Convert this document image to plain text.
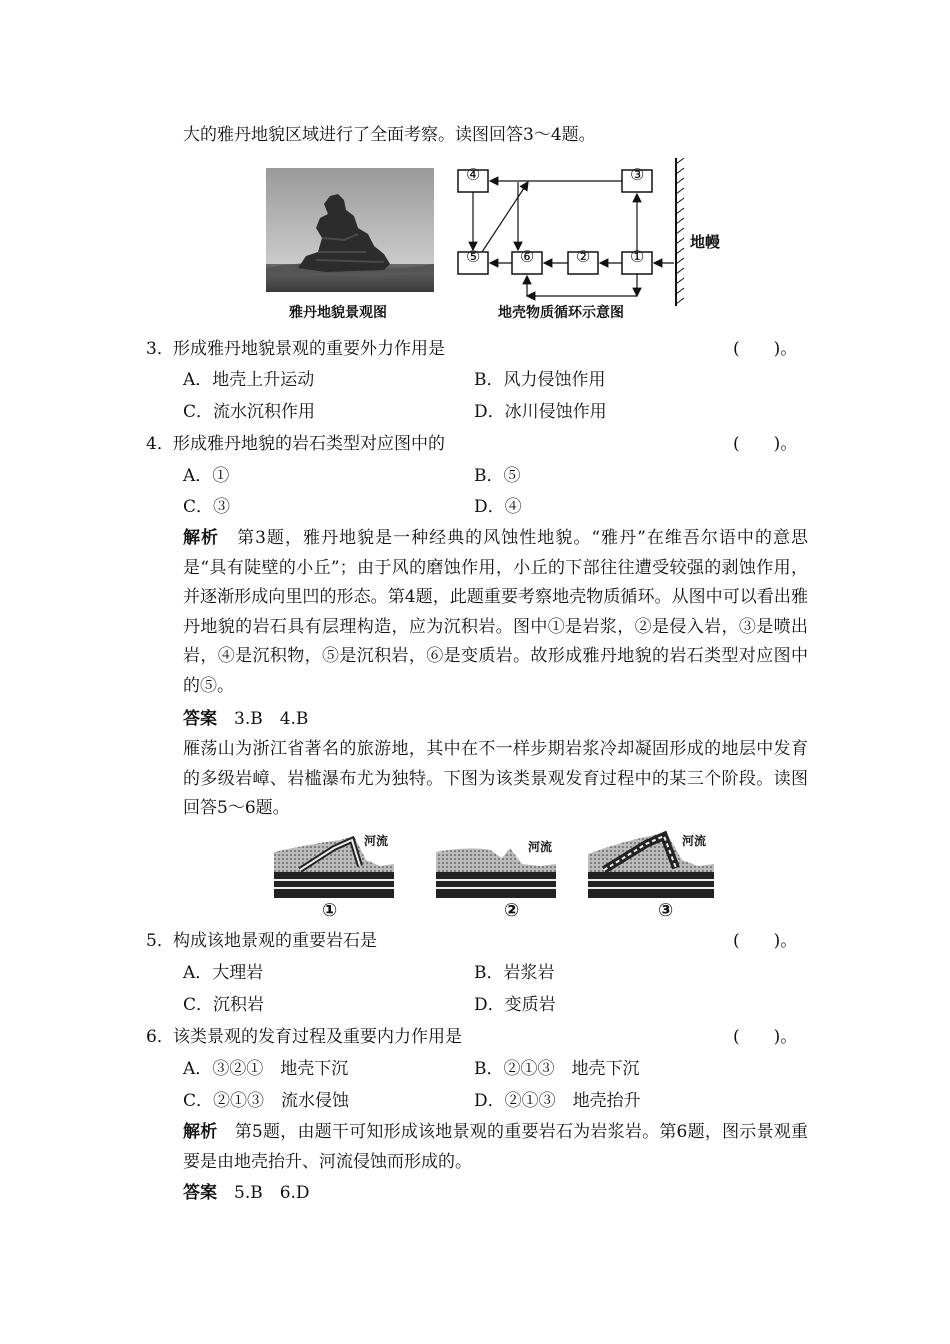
大的雅丹地貌区域进行了全面考察。读图回答3～4题。
雅丹地貌景观图
④	③
⑤ ⑥	② ①
地幔
地壳物质循环示意图
3． 形成雅丹地貌景观的重要外力作用是	(　　)。
A．地壳上升运动	B．风力侵蚀作用
C．流水沉积作用	D．冰川侵蚀作用
4． 形成雅丹地貌的岩石类型对应图中的	(　　)。
A．①	B．⑤
C．③	D．④
解析　第3题，雅丹地貌是一种经典的风蚀性地貌。“雅丹”在维吾尔语中的意思是“具有陡壁的小丘”；由于风的磨蚀作用，小丘的下部往往遭受较强的剥蚀作用，并逐渐形成向里凹的形态。第4题，此题重要考察地壳物质循环。从图中可以看出雅丹地貌的岩石具有层理构造，应为沉积岩。图中①是岩浆，②是侵入岩，③是喷出岩，④是沉积物，⑤是沉积岩，⑥是变质岩。故形成雅丹地貌的岩石类型对应图中的⑤。
答案　3.B　4.B
雁荡山为浙江省著名的旅游地，其中在不一样步期岩浆冷却凝固形成的地层中发育的多级岩嶂、岩槛瀑布尤为独特。下图为该类景观发育过程中的某三个阶段。读图回答5～6题。
河流	河流	河流
①	②	③
5． 构成该地景观的重要岩石是	(　　)。
A．大理岩	B．岩浆岩
C．沉积岩	D．变质岩
6． 该类景观的发育过程及重要内力作用是	(　　)。
A．③②①　地壳下沉	B．②①③　地壳下沉
C．②①③　流水侵蚀	D．②①③　地壳抬升
解析　第5题，由题干可知形成该地景观的重要岩石为岩浆岩。第6题，图示景观重要是由地壳抬升、河流侵蚀而形成的。
答案　5.B　6.D
